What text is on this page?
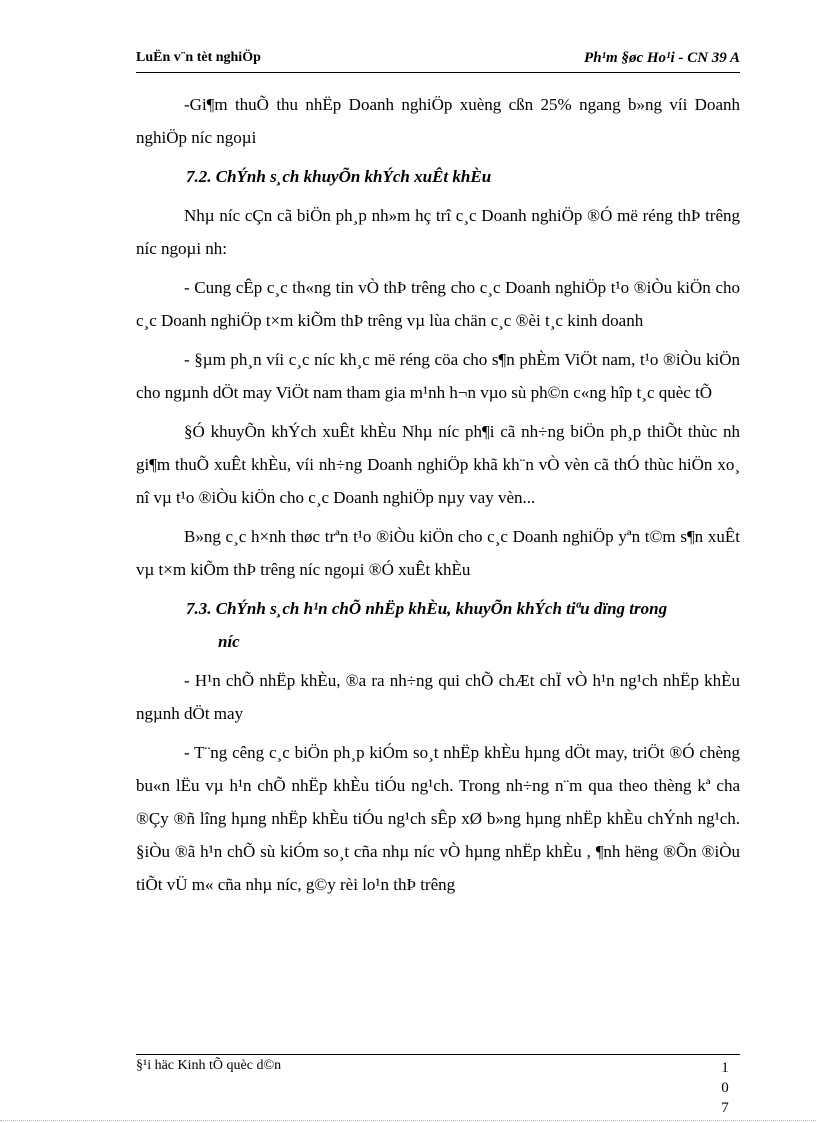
LuËn v¨n tèt nghiÖp	Ph¹m §øc Ho¹i - CN 39 A

-Gi¶m thuÕ thu nhËp Doanh nghiÖp xuèng cßn 25% ngang b»ng víi Doanh nghiÖp níc ngoµi

7.2. ChÝnh s¸ch khuyÕn khÝch xuÊt khÈu

Nhµ níc cÇn cã biÖn ph¸p nh»m hç trî c¸c Doanh nghiÖp ®Ó më réng thÞ trêng níc ngoµi nh:

- Cung cÊp c¸c th«ng tin vÒ thÞ trêng cho c¸c Doanh nghiÖp t¹o ®iÒu kiÖn cho c¸c Doanh nghiÖp t×m kiÕm thÞ trêng vµ lùa chän c¸c ®èi t¸c kinh doanh

- §µm ph¸n víi c¸c níc kh¸c më réng cöa cho s¶n phÈm ViÖt nam, t¹o ®iÒu kiÖn cho ngµnh dÖt may ViÖt nam tham gia m¹nh h¬n vµo sù ph©n c«ng hîp t¸c quèc tÕ

§Ó khuyÕn khÝch xuÊt khÈu Nhµ níc ph¶i cã nh÷ng biÖn ph¸p thiÕt thùc nh gi¶m thuÕ xuÊt khÈu, víi nh÷ng Doanh nghiÖp khã kh¨n vÒ vèn cã thÓ thùc hiÖn xo¸ nî vµ t¹o ®iÒu kiÖn cho c¸c Doanh nghiÖp nµy vay vèn...

B»ng c¸c h×nh thøc trªn t¹o ®iÒu kiÖn cho c¸c Doanh nghiÖp yªn t©m s¶n xuÊt vµ t×m kiÕm thÞ trêng níc ngoµi ®Ó xuÊt khÈu

7.3. ChÝnh s¸ch h¹n chÕ nhËp khÈu, khuyÕn khÝch tiªu dïng trong
níc

- H¹n chÕ nhËp khÈu, ®a ra nh÷ng qui chÕ chÆt chÏ vÒ h¹n ng¹ch nhËp khÈu ngµnh dÖt may

- T¨ng cêng c¸c biÖn ph¸p kiÓm so¸t nhËp khÈu hµng dÖt may, triÖt ®Ó chèng bu«n lËu vµ h¹n chÕ nhËp khÈu tiÓu ng¹ch. Trong nh÷ng n¨m qua theo thèng kª cha ®Çy ®ñ lîng hµng nhËp khÈu tiÓu ng¹ch sÊp xØ b»ng hµng nhËp khÈu chÝnh ng¹ch. §iÒu ®ã h¹n chÕ sù kiÓm so¸t cña nhµ níc vÒ hµng nhËp khÈu , ¶nh hëng ®Õn ®iÒu tiÕt vÜ m« cña nhµ níc, g©y rèi lo¹n thÞ trêng

§¹i häc Kinh tÕ quèc d©n	1
0
7
